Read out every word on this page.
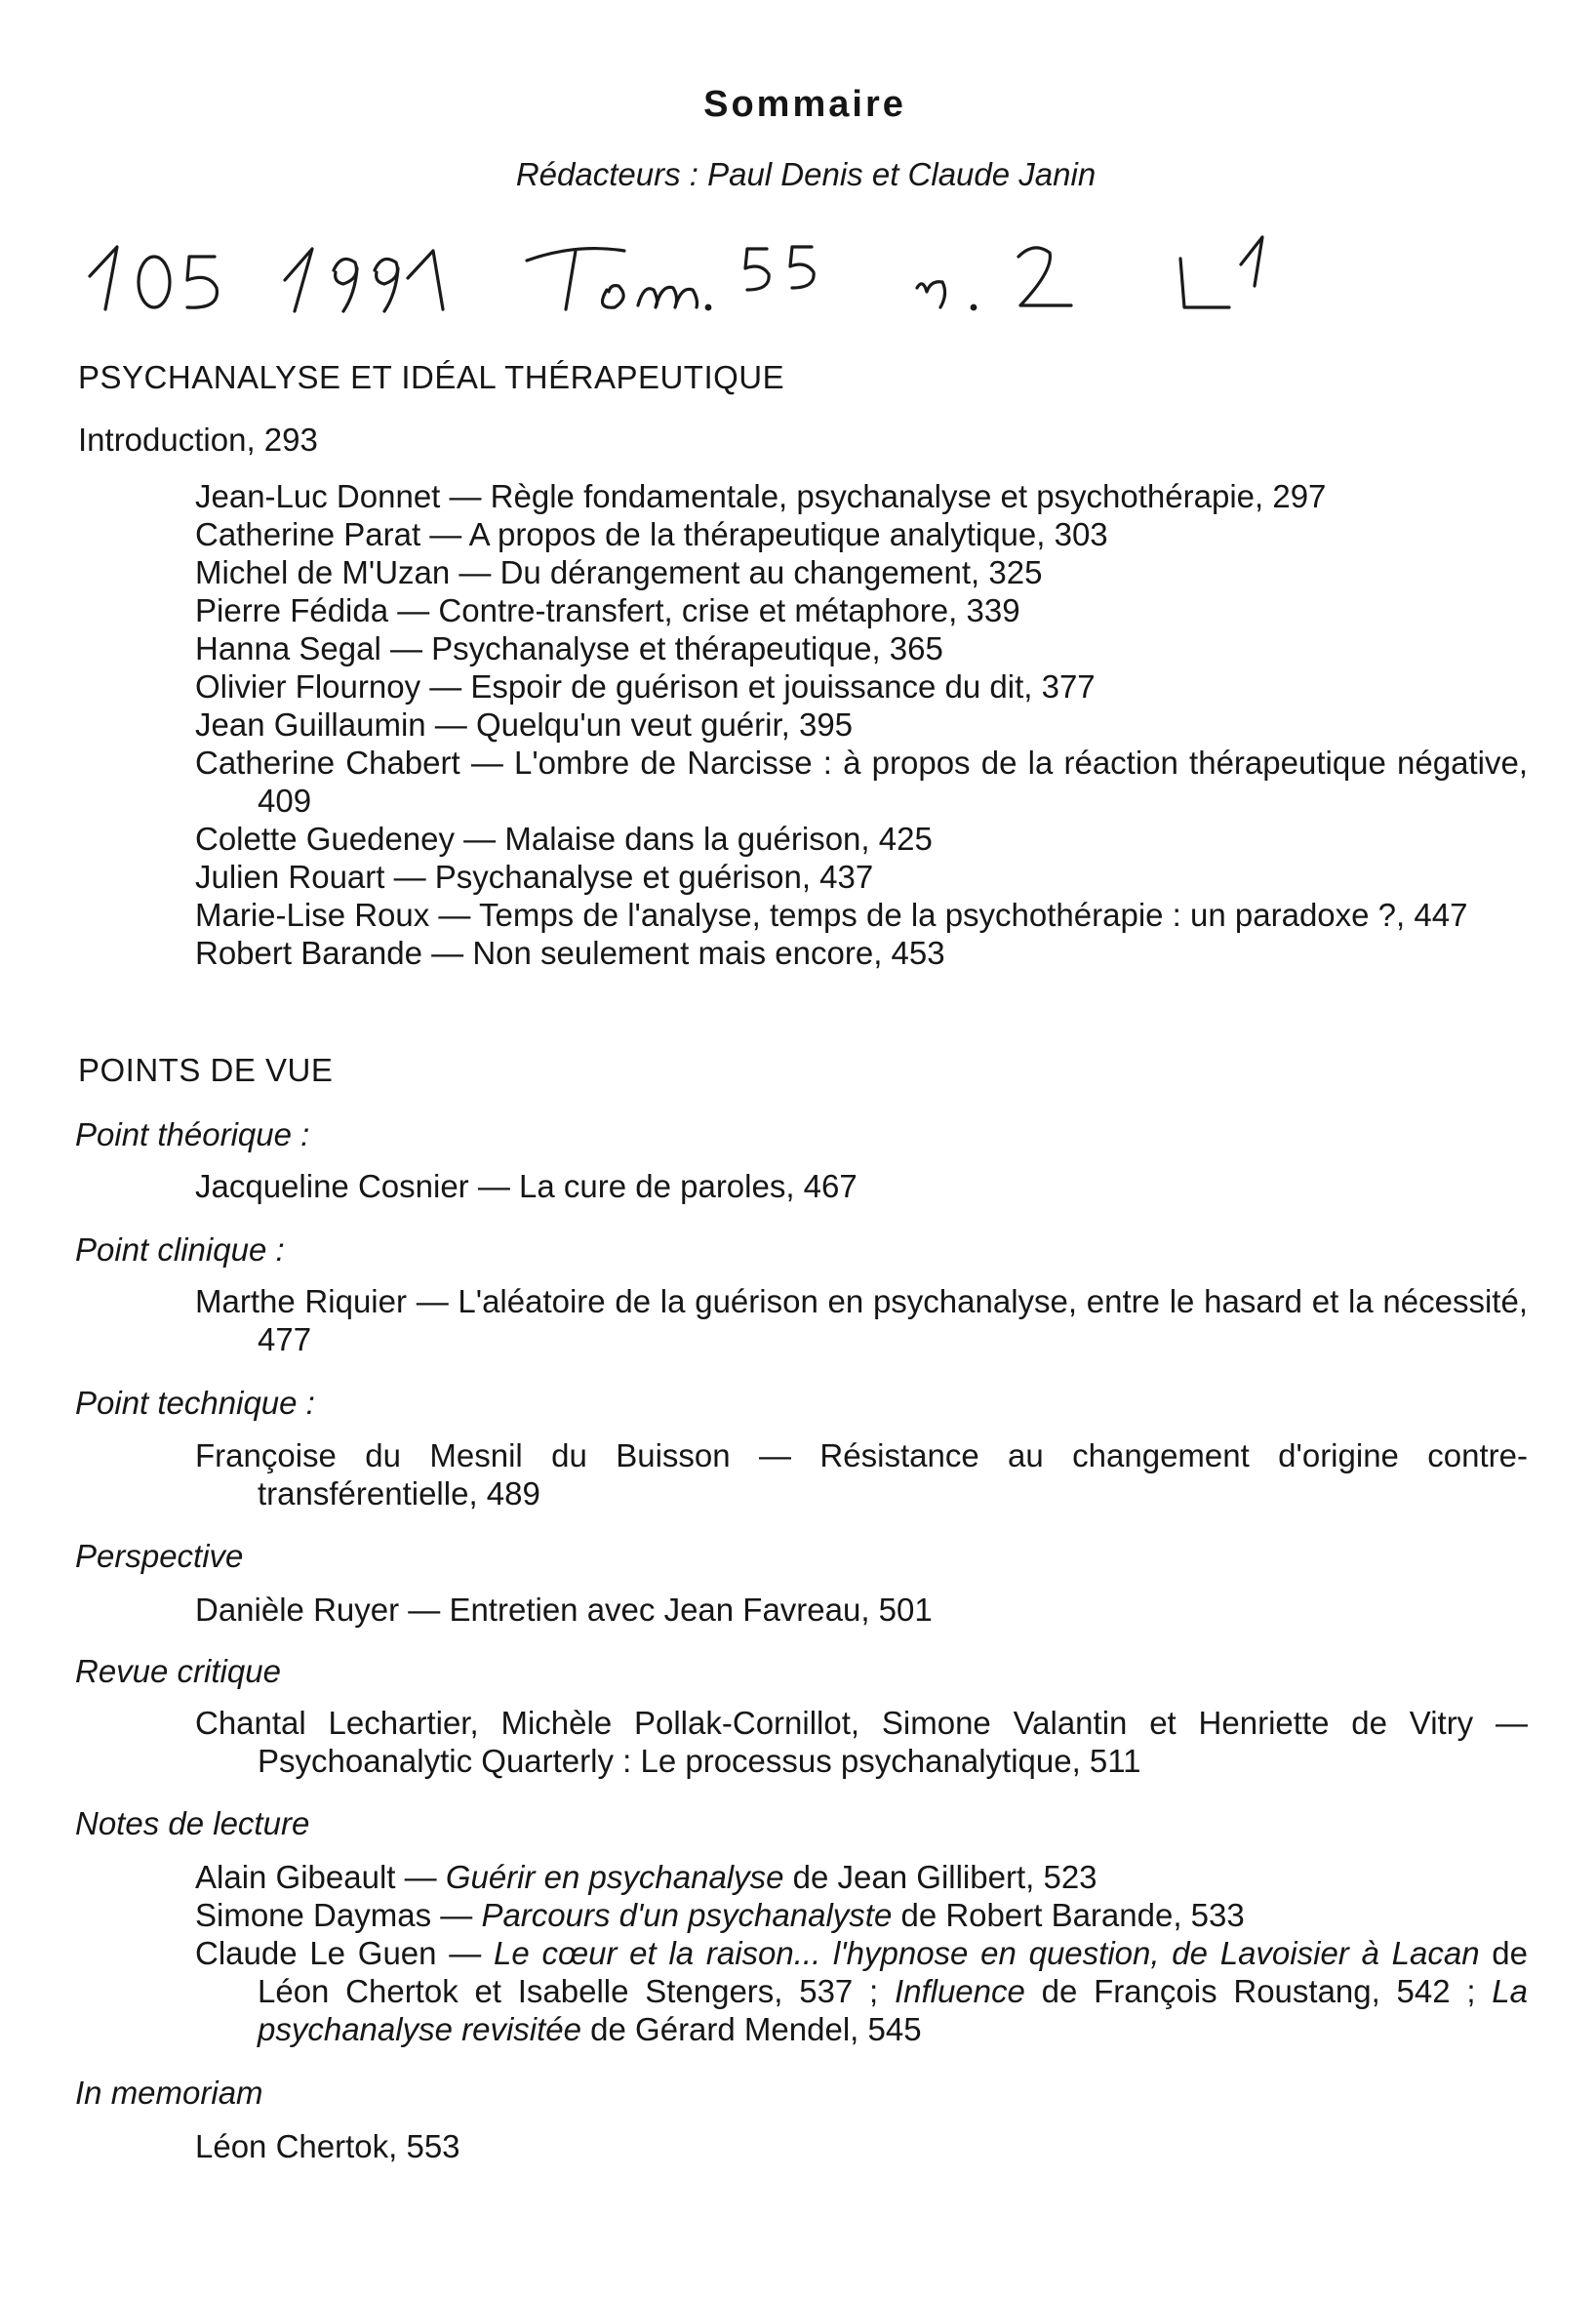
Sommaire
Rédacteurs : Paul Denis et Claude Janin
PSYCHANALYSE ET IDÉAL THÉRAPEUTIQUE
Introduction, 293
Jean-Luc Donnet — Règle fondamentale, psychanalyse et psychothérapie, 297
Catherine Parat — A propos de la thérapeutique analytique, 303
Michel de M'Uzan — Du dérangement au changement, 325
Pierre Fédida — Contre-transfert, crise et métaphore, 339
Hanna Segal — Psychanalyse et thérapeutique, 365
Olivier Flournoy — Espoir de guérison et jouissance du dit, 377
Jean Guillaumin — Quelqu'un veut guérir, 395
Catherine Chabert — L'ombre de Narcisse : à propos de la réaction thérapeutique négative, 409
Colette Guedeney — Malaise dans la guérison, 425
Julien Rouart — Psychanalyse et guérison, 437
Marie-Lise Roux — Temps de l'analyse, temps de la psychothérapie : un paradoxe ?, 447
Robert Barande — Non seulement mais encore, 453
POINTS DE VUE
Point théorique :
Jacqueline Cosnier — La cure de paroles, 467
Point clinique :
Marthe Riquier — L'aléatoire de la guérison en psychanalyse, entre le hasard et la nécessité, 477
Point technique :
Françoise du Mesnil du Buisson — Résistance au changement d'origine contre-transférentielle, 489
Perspective
Danièle Ruyer — Entretien avec Jean Favreau, 501
Revue critique
Chantal Lechartier, Michèle Pollak-Cornillot, Simone Valantin et Henriette de Vitry — Psychoanalytic Quarterly : Le processus psychanalytique, 511
Notes de lecture
Alain Gibeault — Guérir en psychanalyse de Jean Gillibert, 523
Simone Daymas — Parcours d'un psychanalyste de Robert Barande, 533
Claude Le Guen — Le cœur et la raison... l'hypnose en question, de Lavoisier à Lacan de Léon Chertok et Isabelle Stengers, 537 ; Influence de François Roustang, 542 ; La psychanalyse revisitée de Gérard Mendel, 545
In memoriam
Léon Chertok, 553
